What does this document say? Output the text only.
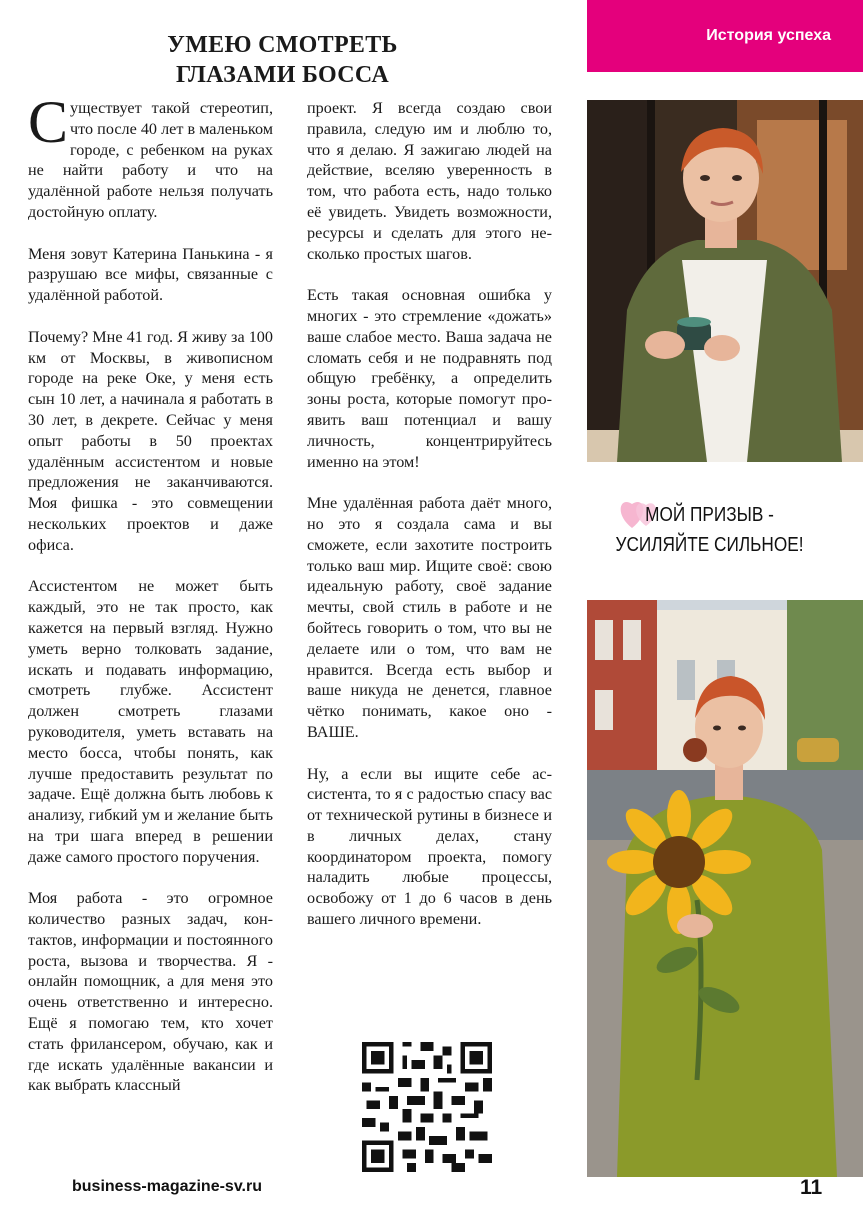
УМЕЮ СМОТРЕТЬ
ГЛАЗАМИ БОССА

Существует такой стереотип, что после 40 лет в маленьком городе, с ребенком на руках не найти работу и что на удалённой работе нельзя получать достойную оплату.

Меня зовут Катерина Панькина - я разрушаю все мифы, связанные с удалённой работой.

Почему? Мне 41 год. Я живу за 100 км от Москвы, в живописном городе на реке Оке, у меня есть сын 10 лет, а начинала я работать в 30 лет, в декрете. Сейчас у меня опыт работы в 50 проектах удалённым ассистентом и новые предложения не заканчиваются. Моя фишка - это совмещении нескольких проектов и даже офиса.

Ассистентом не может быть каждый, это не так просто, как кажется на первый взгляд. Нужно уметь верно толковать задание, искать и подавать информацию, смотреть глубже. Ассистент должен смотреть глазами руководителя, уметь вставать на место босса, чтобы понять, как лучше предоставить результат по задаче. Ещё должна быть любовь к анализу, гибкий ум и желание быть на три шага вперед в решении даже самого простого поручения.

Моя работа - это огромное количество разных задач, контактов, информации и постоянного роста, вызова и творчества. Я - онлайн помощник, а для меня это очень ответственно и интересно. Ещё я помогаю тем, кто хочет стать фрилансером, обучаю, как и где искать удалённые вакансии и как выбрать классный

проект. Я всегда создаю свои правила, следую им и люблю то, что я делаю. Я зажигаю людей на действие, вселяю уверенность в том, что работа есть, надо только её увидеть. Увидеть возможности, ресурсы и сделать для этого несколько простых шагов.

Есть такая основная ошибка у многих - это стремление «дожать» ваше слабое место. Ваша задача не сломать себя и не подравнять под общую гребёнку, а определить зоны роста, которые помогут проявить ваш потенциал и вашу личность, концентрируйтесь именно на этом!

Мне удалённая работа даёт много, но это я создала сама и вы сможете, если захотите построить только ваш мир. Ищите своё: свою идеальную работу, своё задание мечты, свой стиль в работе и не бойтесь говорить о том, что вы не делаете или о том, что вам не нравится. Всегда есть выбор и ваше никуда не денется, главное чётко понимать, какое оно - ВАШЕ.

Ну, а если вы ищите себе ассистента, то я с радостью спасу вас от технической рутины в бизнесе и в личных делах, стану координатором проекта, помогу наладить любые процессы, освобожу от 1 до 6 часов в день вашего личного времени.

История успеха
МОЙ ПРИЗЫВ -
УСИЛЯЙТЕ СИЛЬНОЕ!
business-magazine-sv.ru	11
